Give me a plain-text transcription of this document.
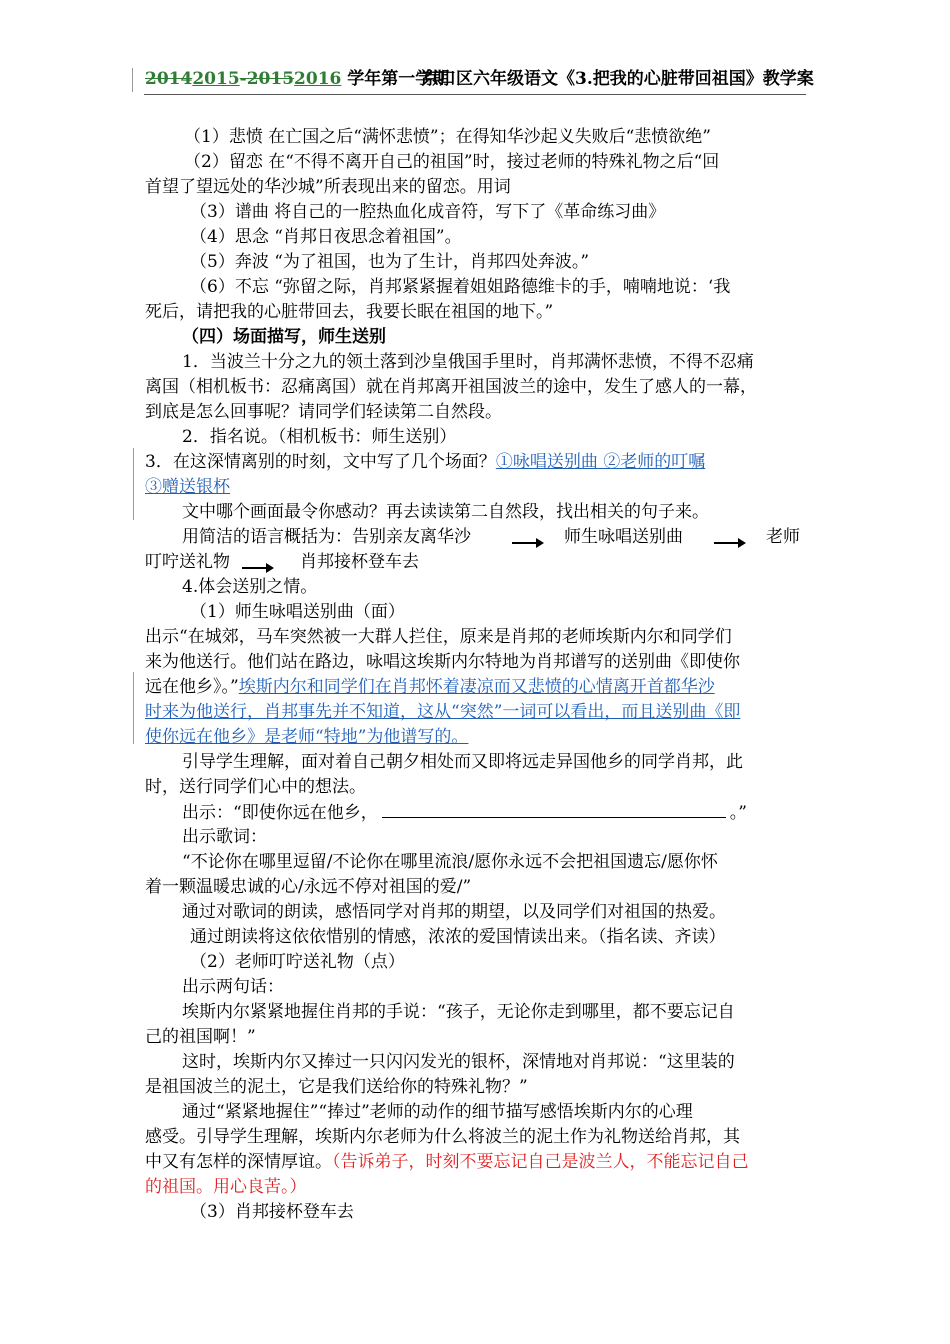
20142015-20152016 学年第一学期
京口区六年级语文《3.把我的心脏带回祖国》教学案
（1）悲愤 在亡国之后“满怀悲愤”；在得知华沙起义失败后“悲愤欲绝”
（2）留恋 在“不得不离开自己的祖国”时，接过老师的特殊礼物之后“回
首望了望远处的华沙城”所表现出来的留恋。用词
（3）谱曲 将自己的一腔热血化成音符，写下了《革命练习曲》
（4）思念 “肖邦日夜思念着祖国”。
（5）奔波 “为了祖国，也为了生计，肖邦四处奔波。”
（6）不忘 “弥留之际，肖邦紧紧握着姐姐路德维卡的手，喃喃地说：‘我
死后，请把我的心脏带回去，我要长眠在祖国的地下。”
（四）场面描写，师生送别
1．当波兰十分之九的领土落到沙皇俄国手里时，肖邦满怀悲愤，不得不忍痛
离国（相机板书：忍痛离国）就在肖邦离开祖国波兰的途中，发生了感人的一幕，
到底是怎么回事呢？请同学们轻读第二自然段。
2．指名说。（相机板书：师生送别）
3．在这深情离别的时刻，文中写了几个场面？①咏唱送别曲 ②老师的叮嘱
③赠送银杯
文中哪个画面最令你感动？再去读读第二自然段，找出相关的句子来。
用简洁的语言概括为：告别亲友离华沙	师生咏唱送别曲	老师
叮咛送礼物	肖邦接杯登车去
4.体会送别之情。
（1）师生咏唱送别曲（面）
出示“在城郊，马车突然被一大群人拦住，原来是肖邦的老师埃斯内尔和同学们
来为他送行。他们站在路边，咏唱这埃斯内尔特地为肖邦谱写的送别曲《即使你
远在他乡》。”埃斯内尔和同学们在肖邦怀着凄凉而又悲愤的心情离开首都华沙
时来为他送行，肖邦事先并不知道，这从“突然”一词可以看出，而且送别曲《即
使你远在他乡》是老师“特地”为他谱写的。
引导学生理解，面对着自己朝夕相处而又即将远走异国他乡的同学肖邦，此
时，送行同学们心中的想法。
出示：“即使你远在他乡，	。”
出示歌词：
“不论你在哪里逗留/不论你在哪里流浪/愿你永远不会把祖国遗忘/愿你怀
着一颗温暖忠诚的心/永远不停对祖国的爱/”
通过对歌词的朗读，感悟同学对肖邦的期望，以及同学们对祖国的热爱。
通过朗读将这依依惜别的情感，浓浓的爱国情读出来。（指名读、齐读）
（2）老师叮咛送礼物（点）
出示两句话：
埃斯内尔紧紧地握住肖邦的手说：“孩子，无论你走到哪里，都不要忘记自
己的祖国啊！”
这时，埃斯内尔又捧过一只闪闪发光的银杯，深情地对肖邦说：“这里装的
是祖国波兰的泥土，它是我们送给你的特殊礼物？”
通过“紧紧地握住”“捧过”老师的动作的细节描写感悟埃斯内尔的心理
感受。引导学生理解，埃斯内尔老师为什么将波兰的泥土作为礼物送给肖邦，其
中又有怎样的深情厚谊。（告诉弟子，时刻不要忘记自己是波兰人，不能忘记自己
的祖国。用心良苦。）
（3）肖邦接杯登车去
